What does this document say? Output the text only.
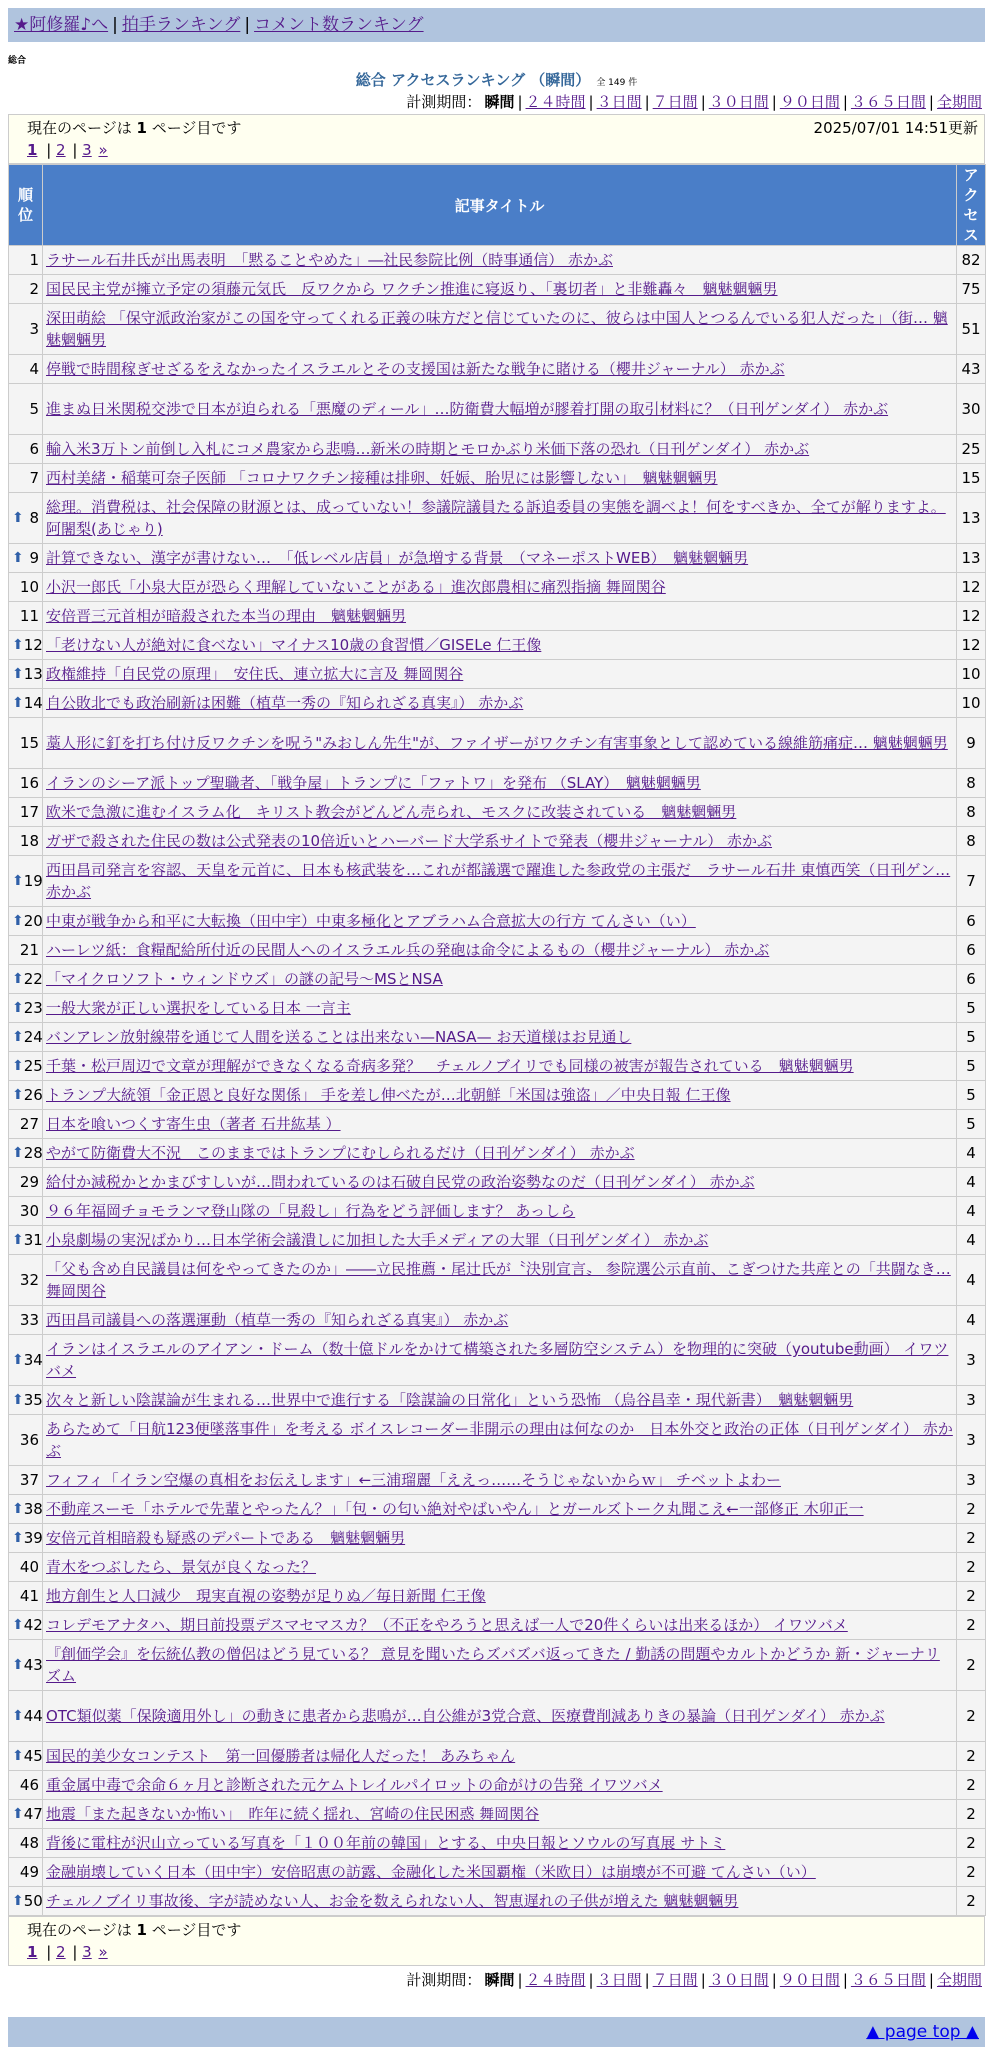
★阿修羅♪へ | 拍手ランキング | コメント数ランキング
総合
総合 アクセスランキング （瞬間） 全 149 件
計測期間： 瞬間 | ２４時間 | ３日間 | ７日間 | ３０日間 | ９０日間 | ３６５日間 | 全期間
現在のページは 1 ページ目です	2025/07/01 14:51更新
1 | 2 | 3 »
順位	記事タイトル	アクセス
1	ラサール石井氏が出馬表明　「黙ることやめた」―社民参院比例（時事通信） 赤かぶ	82
2	国民民主党が擁立予定の須藤元気氏　反ワクから ワクチン推進に寝返り、「裏切者」と非難轟々　魑魅魍魎男	75
3	深田萌絵 「保守派政治家がこの国を守ってくれる正義の味方だと信じていたのに、彼らは中国人とつるんでいる犯人だった」（街… 魑魅魍魎男	51
4	停戦で時間稼ぎせざるをえなかったイスラエルとその支援国は新たな戦争に賭ける（櫻井ジャーナル） 赤かぶ	43
5	進まぬ日米関税交渉で日本が迫られる「悪魔のディール」…防衛費大幅増が膠着打開の取引材料に？（日刊ゲンダイ） 赤かぶ	30
6	輸入米3万トン前倒し入札にコメ農家から悲鳴…新米の時期とモロかぶり米価下落の恐れ（日刊ゲンダイ） 赤かぶ	25
7	西村美緒・稲葉可奈子医師 「コロナワクチン接種は排卵、妊娠、胎児には影響しない」　魑魅魍魎男	15

⬆ 8	総理。消費税は、社会保障の財源とは、成っていない！参議院議員たる訴追委員の実態を調べよ！何をすべきか、全てが解りますよ。 阿闍梨(あじゃり)	13

⬆ 9	計算できない、漢字が書けない…　「低レベル店員」が急増する背景　（マネーポストWEB）　魑魅魍魎男	13
10	小沢一郎氏「小泉大臣が恐らく理解していないことがある」進次郎農相に痛烈指摘 舞岡関谷	12
11	安倍晋三元首相が暗殺された本当の理由　魑魅魍魎男	12

⬆ 12	「老けない人が絶対に食べない」マイナス10歳の食習慣／GISELe 仁王像	12

⬆ 13	政権維持「自民党の原理」　安住氏、連立拡大に言及 舞岡関谷	10

⬆ 14	自公敗北でも政治刷新は困難（植草一秀の『知られざる真実』） 赤かぶ	10
15	藁人形に釘を打ち付け反ワクチンを呪う"みおしん先生"が、ファイザーがワクチン有害事象として認めている線維筋痛症… 魑魅魍魎男	9
16	イランのシーア派トップ聖職者、「戦争屋」トランプに「ファトワ」を発布 （SLAY）　魑魅魍魎男	8
17	欧米で急激に進むイスラム化　キリスト教会がどんどん売られ、モスクに改装されている　魑魅魍魎男	8
18	ガザで殺された住民の数は公式発表の10倍近いとハーバード大学系サイトで発表（櫻井ジャーナル） 赤かぶ	8

⬆ 19	西田昌司発言を容認、天皇を元首に、日本も核武装を…これが都議選で躍進した参政党の主張だ　ラサール石井 東慎西笑（日刊ゲン… 赤かぶ	7

⬆ 20	中東が戦争から和平に大転換（田中宇）中東多極化とアブラハム合意拡大の行方 てんさい（い）	6
21	ハーレツ紙：食糧配給所付近の民間人へのイスラエル兵の発砲は命令によるもの（櫻井ジャーナル） 赤かぶ	6

⬆ 22	「マイクロソフト・ウィンドウズ」の謎の記号〜MSとNSA	6

⬆ 23	一般大衆が正しい選択をしている日本 一言主	5

⬆ 24	バンアレン放射線帯を通じて人間を送ることは出来ない—NASA— お天道様はお見通し	5

⬆ 25	千葉・松戸周辺で文章が理解ができなくなる奇病多発？　チェルノブイリでも同様の被害が報告されている　魑魅魍魎男	5

⬆ 26	トランプ大統領「金正恩と良好な関係」 手を差し伸べたが…北朝鮮「米国は強盗」／中央日報 仁王像	5
27	日本を喰いつくす寄生虫（著者 石井紘基 ）	5

⬆ 28	やがて防衛費大不況　このままではトランプにむしられるだけ（日刊ゲンダイ） 赤かぶ	4
29	給付か減税かとかまびすしいが…問われているのは石破自民党の政治姿勢なのだ（日刊ゲンダイ） 赤かぶ	4
30	９６年福岡チョモランマ登山隊の「見殺し」行為をどう評価します？ あっしら	4

⬆ 31	小泉劇場の実況ばかり…日本学術会議潰しに加担した大手メディアの大罪（日刊ゲンダイ） 赤かぶ	4
32	「父も含め自民議員は何をやってきたのか」――立民推薦・尾辻氏が〝決別宣言〟 参院選公示直前、こぎつけた共産との「共闘なき… 舞岡関谷	4
33	西田昌司議員への落選運動（植草一秀の『知られざる真実』） 赤かぶ	4

⬆ 34	イランはイスラエルのアイアン・ドーム（数十億ドルをかけて構築された多層防空システム）を物理的に突破（youtube動画） イワツバメ	3

⬆ 35	次々と新しい陰謀論が生まれる…世界中で進行する「陰謀論の日常化」という恐怖 （烏谷昌幸・現代新書）　魑魅魍魎男	3
36	あらためて「日航123便墜落事件」を考える ボイスレコーダー非開示の理由は何なのか　日本外交と政治の正体（日刊ゲンダイ） 赤かぶ	3
37	フィフィ「イラン空爆の真相をお伝えします」←三浦瑠麗「ええっ……そうじゃないからｗ」 チベットよわー	3

⬆ 38	不動産スーモ「ホテルで先輩とやったん？」「包・の匂い絶対やばいやん」とガールズトーク丸聞こえ←一部修正 木卯正一	2

⬆ 39	安倍元首相暗殺も疑惑のデパートである　魑魅魍魎男	2
40	青木をつぶしたら、景気が良くなった？	2
41	地方創生と人口減少　現実直視の姿勢が足りぬ／毎日新聞 仁王像	2

⬆ 42	コレデモアナタハ、期日前投票デスマセマスカ？（不正をやろうと思えば一人で20件くらいは出来るほか） イワツバメ	2

⬆ 43	『創価学会』を伝統仏教の僧侶はどう見ている？ 意見を聞いたらズバズバ返ってきた / 勤誘の問題やカルトかどうか 新・ジャーナリズム	2

⬆ 44	OTC類似薬「保険適用外し」の動きに患者から悲鳴が…自公維が3党合意、医療費削減ありきの暴論（日刊ゲンダイ） 赤かぶ	2

⬆ 45	国民的美少女コンテスト　第一回優勝者は帰化人だった！ あみちゃん	2
46	重金属中毒で余命６ヶ月と診断された元ケムトレイルパイロットの命がけの告発 イワツバメ	2

⬆ 47	地震「また起きないか怖い」　昨年に続く揺れ、宮崎の住民困惑 舞岡関谷	2
48	背後に電柱が沢山立っている写真を「１００年前の韓国」とする、中央日報とソウルの写真展 サトミ	2
49	金融崩壊していく日本（田中宇）安倍昭恵の訪露、金融化した米国覇権（米欧日）は崩壊が不可避 てんさい（い）	2

⬆ 50	チェルノブイリ事故後、字が読めない人、お金を数えられない人、智恵遅れの子供が増えた 魑魅魍魎男	2
現在のページは 1 ページ目です
1 | 2 | 3 »
計測期間： 瞬間 | ２４時間 | ３日間 | ７日間 | ３０日間 | ９０日間 | ３６５日間 | 全期間
▲ page top ▲
